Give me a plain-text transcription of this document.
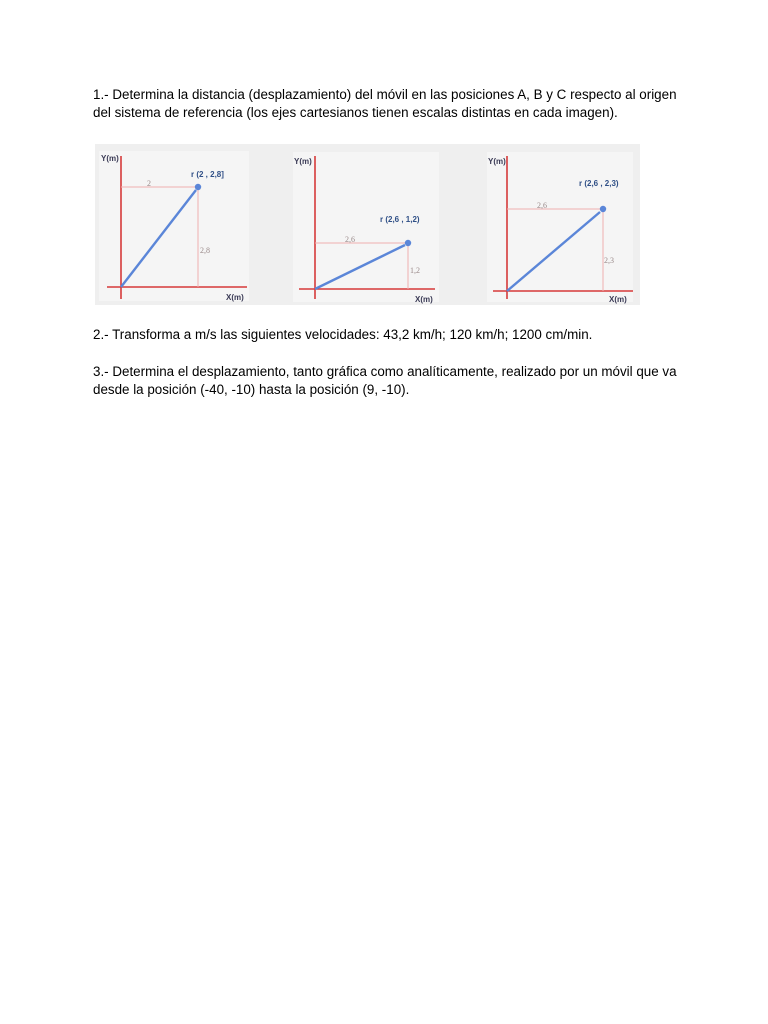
1.- Determina la distancia (desplazamiento) del móvil en las posiciones A, B y C respecto al origen del sistema de referencia (los ejes cartesianos tienen escalas distintas en cada imagen).

Y(m)
X(m)
r (2 , 2,8]
2
2,8
Y(m)
X(m)
r (2,6 , 1,2)
2,6
1,2
Y(m)
X(m)
r (2,6 , 2,3)
2,6
2,3

2.- Transforma a m/s las siguientes velocidades: 43,2 km/h; 120 km/h; 1200 cm/min.

3.- Determina el desplazamiento, tanto gráfica como analíticamente, realizado por un móvil que va desde la posición (-40, -10) hasta la posición (9, -10).
